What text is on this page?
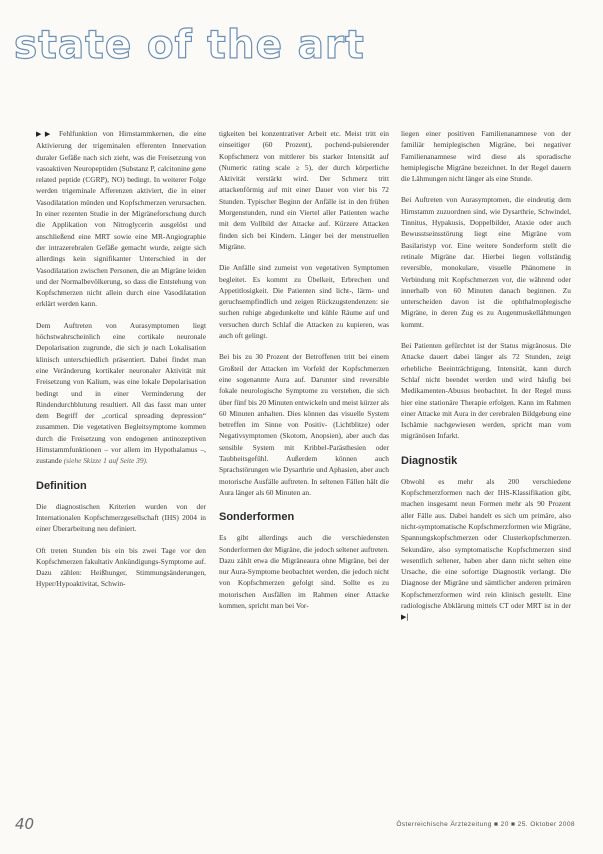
state of the art

▶▶ Fehlfunktion von Hirnstammkernen, die eine Aktivierung der trigeminalen efferenten Innervation duraler Gefäße nach sich zieht, was die Freisetzung von vasoaktiven Neuropeptiden (Substanz P, calcitonine gene related peptide (CGRP), NO) bedingt. In weiterer Folge werden trigeminale Afferenzen aktiviert, die in einer Vasodilatation münden und Kopfschmerzen verursachen. In einer rezenten Studie in der Migräneforschung durch die Applikation von Nitroglycerin ausgelöst und anschließend eine MRT sowie eine MR-Angiographie der intrazerebralen Gefäße gemacht wurde, zeigte sich allerdings kein signifikanter Unterschied in der Vasodilatation zwischen Personen, die an Migräne leiden und der Normalbevölkerung, so dass die Entstehung von Kopfschmerzen nicht allein durch eine Vasodilatation erklärt werden kann.

Dem Auftreten von Aurasymptomen liegt höchstwahrscheinlich eine cortikale neuronale Depolarisation zugrunde, die sich je nach Lokalisation klinisch unterschiedlich präsentiert. Dabei findet man eine Veränderung kortikaler neuronaler Aktivität mit Freisetzung von Kalium, was eine lokale Depolarisation bedingt und in einer Verminderung der Rindendurchblutung resultiert. All das fasst man unter dem Begriff der „cortical spreading depression“ zusammen. Die vegetativen Begleitsymptome kommen durch die Freisetzung von endogenen antinozeptiven Hirnstammfunktionen – vor allem im Hypothalamus –, zustande (siehe Skizze 1 auf Seite 39).

Definition

Die diagnostischen Kriterien wurden von der Internationalen Kopfschmerzgesellschaft (IHS) 2004 in einer Überarbeitung neu definiert.

Oft treten Stunden bis ein bis zwei Tage vor den Kopfschmerzen fakultativ Ankündigungs-Symptome auf. Dazu zählen: Heißhunger, Stimmungsänderungen, Hyper/Hypoaktivitat, Schwin-

tigkeiten bei konzentrativer Arbeit etc. Meist tritt ein einseitiger (60 Prozent), pochend-pulsierender Kopfschmerz von mittlerer bis starker Intensität auf (Numeric rating scale ≥ 5), der durch körperliche Aktivität verstärkt wird. Der Schmerz tritt attackenförmig auf mit einer Dauer von vier bis 72 Stunden. Typischer Beginn der Anfälle ist in den frühen Morgenstunden, rund ein Viertel aller Patienten wache mit dem Vollbild der Attacke auf. Kürzere Attacken finden sich bei Kindern. Länger bei der menstruellen Migräne.

Die Anfälle sind zumeist von vegetativen Symptomen begleitet. Es kommt zu Übelkeit, Erbrechen und Appetitlosigkeit. Die Patienten sind licht-, lärm- und geruchsempfindlich und zeigen Rückzugstendenzen: sie suchen ruhige abgedunkelte und kühle Räume auf und versuchen durch Schlaf die Attacken zu kupieren, was auch oft gelingt.

Bei bis zu 30 Prozent der Betroffenen tritt bei einem Großteil der Attacken im Vorfeld der Kopfschmerzen eine sogenannte Aura auf. Darunter sind reversible fokale neurologische Symptome zu verstehen, die sich über fünf bis 20 Minuten entwickeln und meist kürzer als 60 Minuten anhalten. Dies können das visuelle System betreffen im Sinne von Positiv- (Lichtblitze) oder Negativsymptomen (Skotom, Anopsien), aber auch das sensible System mit Kribbel-Parästhesien oder Taubheitsgefühl. Außerdem können auch Sprachstörungen wie Dysarthrie und Aphasien, aber auch motorische Ausfälle auftreten. In seltenen Fällen hält die Aura länger als 60 Minuten an.

Sonderformen

Es gibt allerdings auch die verschiedensten Sonderformen der Migräne, die jedoch seltener auftreten. Dazu zählt etwa die Migräneaura ohne Migräne, bei der nur Aura-Symptome beobachtet werden, die jedoch nicht von Kopfschmerzen gefolgt sind. Sollte es zu motorischen Ausfällen im Rahmen einer Attacke kommen, spricht man bei Vor-

liegen einer positiven Familienanamnese von der familiär hemiplegischen Migräne, bei negativer Familienanamnese wird diese als sporadische hemiplegische Migräne bezeichnet. In der Regel dauern die Lähmungen nicht länger als eine Stunde.

Bei Auftreten von Aurasymptomen, die eindeutig dem Hirnstamm zuzuordnen sind, wie Dysarthrie, Schwindel, Tinnitus, Hypakusis, Doppelbilder, Ataxie oder auch Bewusstseinsstörung liegt eine Migräne vom Basilaristyp vor. Eine weitere Sonderform stellt die retinale Migräne dar. Hierbei liegen vollständig reversible, monokulare, visuelle Phänomene in Verbindung mit Kopfschmerzen vor, die während oder innerhalb von 60 Minuten danach beginnen. Zu unterscheiden davon ist die ophthalmoplegische Migräne, in deren Zug es zu Augenmuskellähmungen kommt.

Bei Patienten gefürchtet ist der Status migränosus. Die Attacke dauert dabei länger als 72 Stunden, zeigt erhebliche Beeinträchtigung, Intensität, kann durch Schlaf nicht beendet werden und wird häufig bei Medikamenten-Abusus beobachtet. In der Regel muss hier eine stationäre Therapie erfolgen. Kann im Rahmen einer Attacke mit Aura in der cerebralen Bildgebung eine Ischämie nachgewiesen werden, spricht man vom migränösen Infarkt.

Diagnostik

Obwohl es mehr als 200 verschiedene Kopfschmerzformen nach der IHS-Klassifikation gibt, machen insgesamt neun Formen mehr als 90 Prozent aller Fälle aus. Dabei handelt es sich um primäre, also nicht-symptomatische Kopfschmerzformen wie Migräne, Spannungskopfschmerzen oder Clusterkopfschmerzen. Sekundäre, also symptomatische Kopfschmerzen sind wesentlich seltener, haben aber dann nicht selten eine Ursache, die eine sofortige Diagnostik verlangt. Die Diagnose der Migräne und sämtlicher anderen primären Kopfschmerzformen wird rein klinisch gestellt. Eine radiologische Abklärung mittels CT oder MRT ist in der ▶|

40	Österreichische Ärztezeitung ■ 20 ■ 25. Oktober 2008
